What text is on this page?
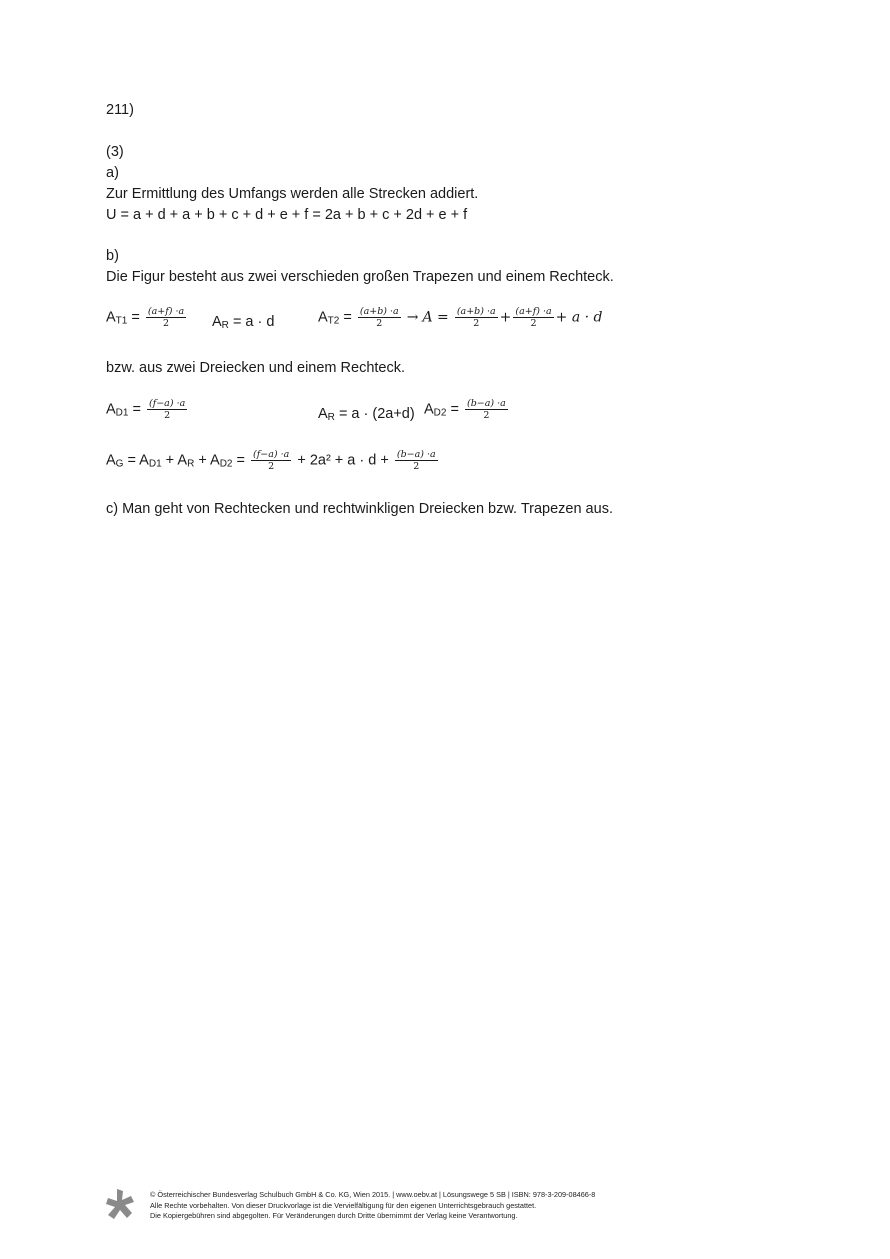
211)
(3)
a)
Zur Ermittlung des Umfangs werden alle Strecken addiert.
U = a + d + a + b + c + d + e + f = 2a + b + c + 2d + e + f
b)
Die Figur besteht aus zwei verschieden großen Trapezen und einem Rechteck.
$A_{T1} = \frac{(a+f) \cdot a}{2} A_R = a \cdot d$	$A_{T2} = \frac{(a+b) \cdot a}{2} \to A = \frac{(a+b) \cdot a}{2} + \frac{(a+f) \cdot a}{2} + a \cdot d$
bzw. aus zwei Dreiecken und einem Rechteck.
$A_{D1} = \frac{(f-a) \cdot a}{2}$	$A_R = a \cdot (2a+d) A_{D2} = \frac{(b-a) \cdot a}{2}$
$A_G = A_{D1} + A_R + A_{D2} = \frac{(f-a) \cdot a}{2} + 2a^2 + a \cdot d + \frac{(b-a) \cdot a}{2}$
c) Man geht von Rechtecken und rechtwinkligen Dreiecken bzw. Trapezen aus.
© Österreichischer Bundesverlag Schulbuch GmbH & Co. KG, Wien 2015. | www.oebv.at | Lösungswege 5 SB | ISBN: 978-3-209-08466-8
Alle Rechte vorbehalten. Von dieser Druckvorlage ist die Vervielfältigung für den eigenen Unterrichtsgebrauch gestattet.
Die Kopiergebühren sind abgegolten. Für Veränderungen durch Dritte übernimmt der Verlag keine Verantwortung.
